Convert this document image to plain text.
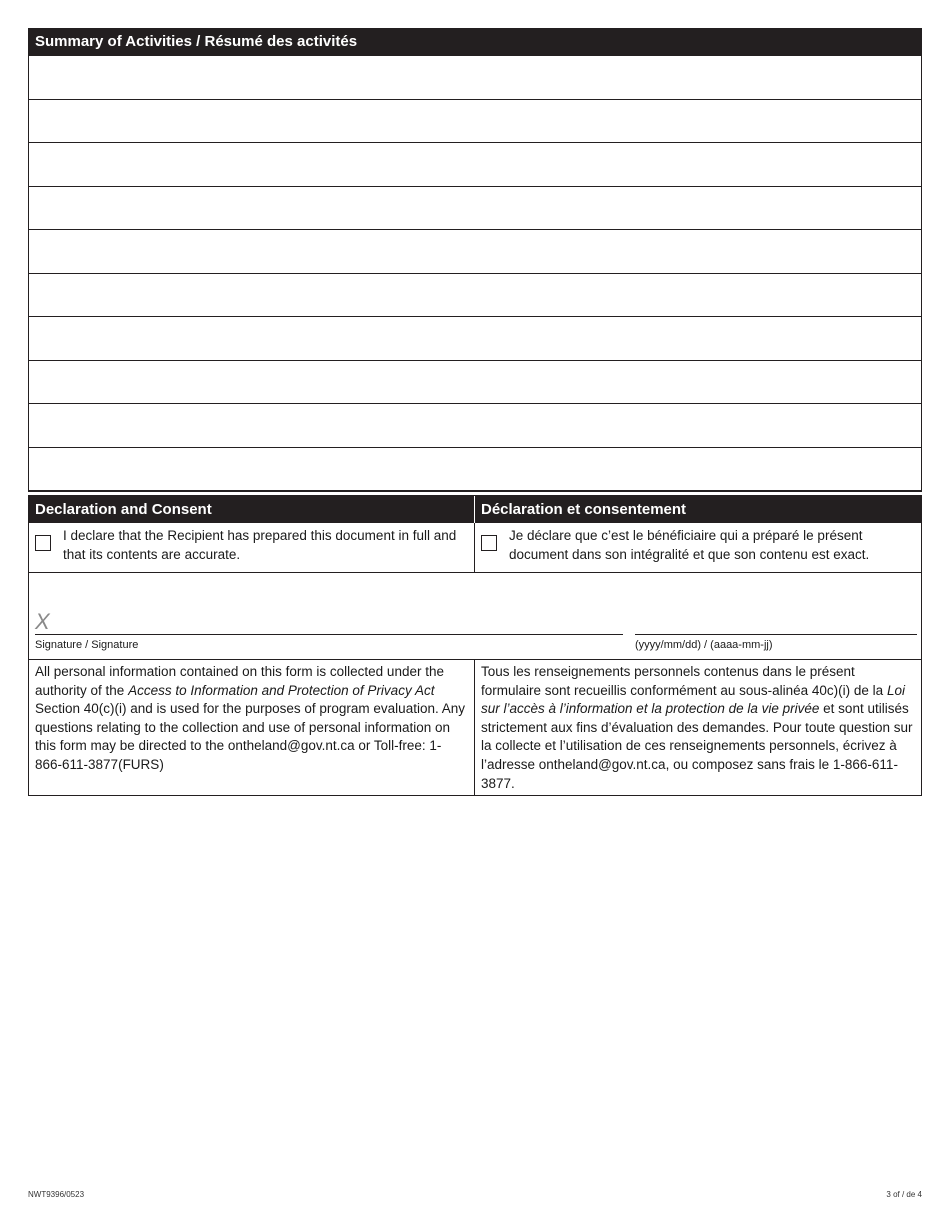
Summary of Activities / Résumé des activités
Declaration and Consent	Déclaration et consentement
I declare that the Recipient has prepared this document in full and that its contents are accurate.
Je déclare que c’est le bénéficiaire qui a préparé le présent document dans son intégralité et que son contenu est exact.
X
Signature / Signature	(yyyy/mm/dd) / (aaaa-mm-jj)
All personal information contained on this form is collected under the authority of the Access to Information and Protection of Privacy Act Section 40(c)(i) and is used for the purposes of program evaluation. Any questions relating to the collection and use of personal information on this form may be directed to the ontheland@gov.nt.ca or Toll-free: 1-866-611-3877(FURS)
Tous les renseignements personnels contenus dans le présent formulaire sont recueillis conformément au sous-alinéa 40c)(i) de la Loi sur l’accès à l’information et la protection de la vie privée et sont utilisés strictement aux fins d’évaluation des demandes. Pour toute question sur la collecte et l’utilisation de ces renseignements personnels, écrivez à l’adresse ontheland@gov.nt.ca, ou composez sans frais le 1-866-611-3877.
NWT9396/0523	3 of / de 4
